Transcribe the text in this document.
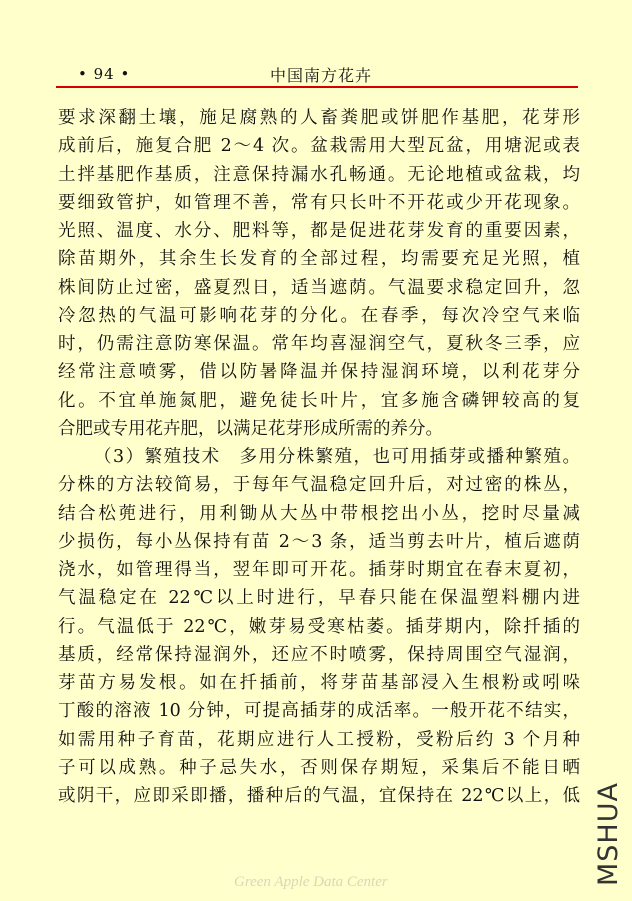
• 94 •	中国南方花卉
要求深翻土壤，施足腐熟的人畜粪肥或饼肥作基肥，花芽形
成前后，施复合肥 2～4 次。盆栽需用大型瓦盆，用塘泥或表
土拌基肥作基质，注意保持漏水孔畅通。无论地植或盆栽，均
要细致管护，如管理不善，常有只长叶不开花或少开花现象。
光照、温度、水分、肥料等，都是促进花芽发育的重要因素，
除苗期外，其余生长发育的全部过程，均需要充足光照，植
株间防止过密，盛夏烈日，适当遮荫。气温要求稳定回升，忽
冷忽热的气温可影响花芽的分化。在春季，每次冷空气来临
时，仍需注意防寒保温。常年均喜湿润空气，夏秋冬三季，应
经常注意喷雾，借以防暑降温并保持湿润环境，以利花芽分
化。不宜单施氮肥，避免徒长叶片，宜多施含磷钾较高的复
合肥或专用花卉肥，以满足花芽形成所需的养分。
（3）繁殖技术　多用分株繁殖，也可用插芽或播种繁殖。
分株的方法较简易，于每年气温稳定回升后，对过密的株丛，
结合松蔸进行，用利锄从大丛中带根挖出小丛，挖时尽量减
少损伤，每小丛保持有苗 2～3 条，适当剪去叶片，植后遮荫
浇水，如管理得当，翌年即可开花。插芽时期宜在春末夏初，
气温稳定在 22℃以上时进行，早春只能在保温塑料棚内进
行。气温低于 22℃，嫩芽易受寒枯萎。插芽期内，除扦插的
基质，经常保持湿润外，还应不时喷雾，保持周围空气湿润，
芽苗方易发根。如在扦插前，将芽苗基部浸入生根粉或吲哚
丁酸的溶液 10 分钟，可提高插芽的成活率。一般开花不结实，
如需用种子育苗，花期应进行人工授粉，受粉后约 3 个月种
子可以成熟。种子忌失水，否则保存期短，采集后不能日晒
或阴干，应即采即播，播种后的气温，宜保持在 22℃以上，低 MSHUA
Green Apple Data Center
